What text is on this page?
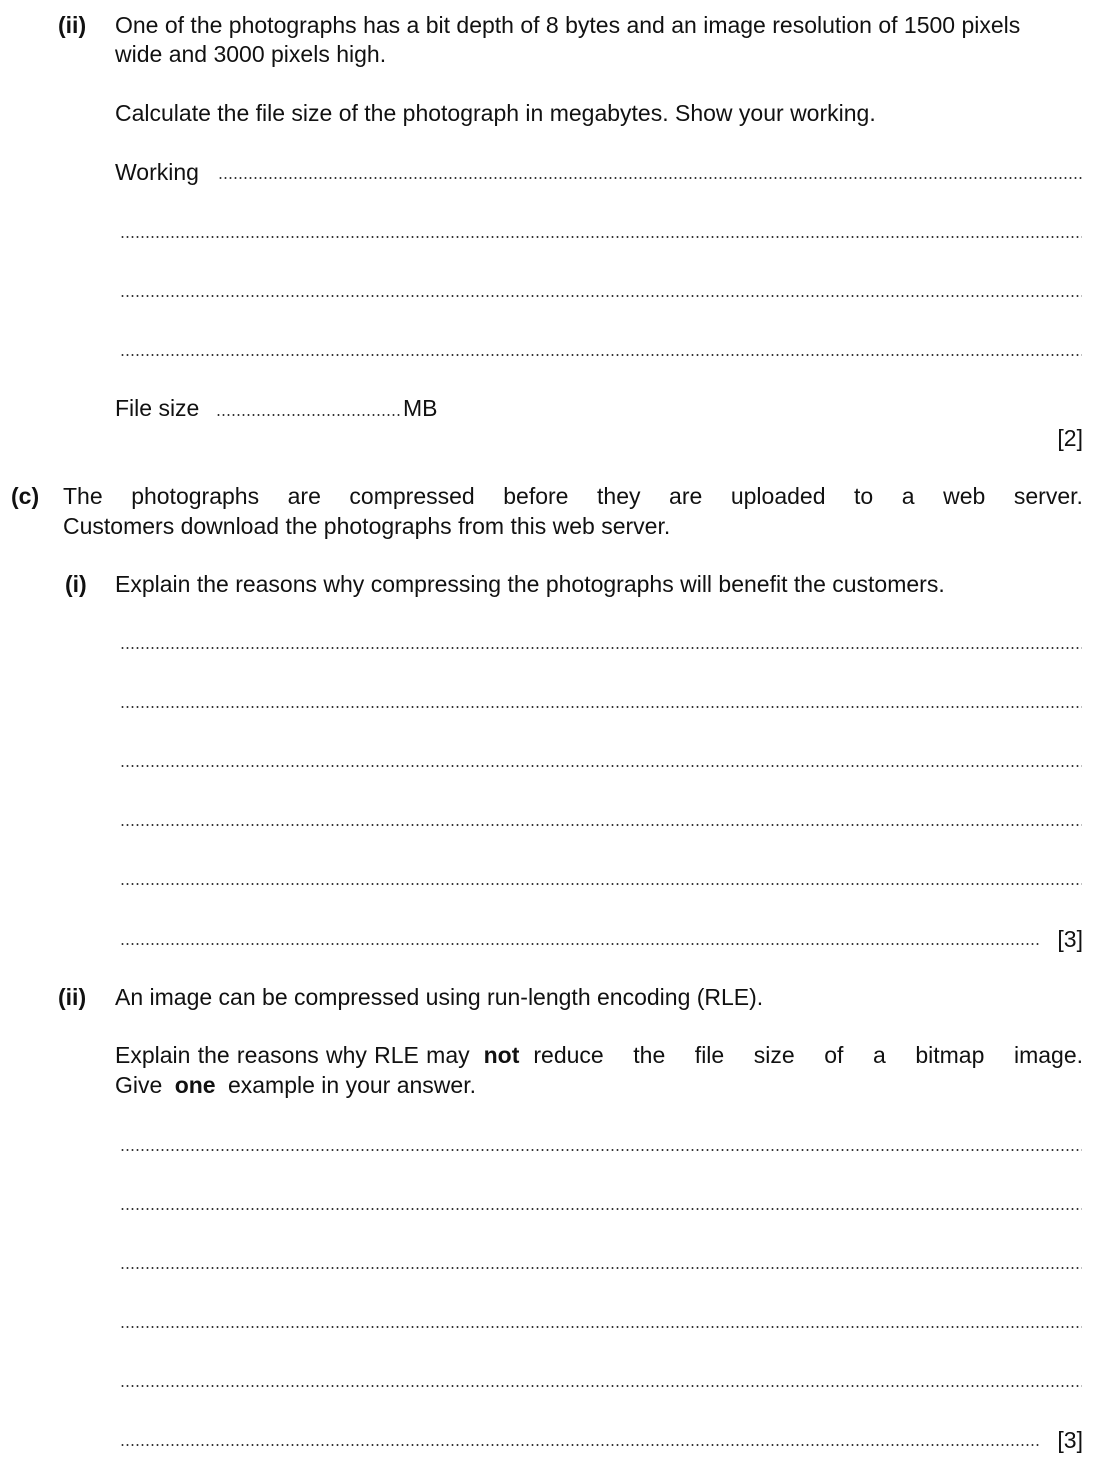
(ii) One of the photographs has a bit depth of 8 bytes and an image resolution of 1500 pixels
wide and 3000 pixels high.
Calculate the file size of the photograph in megabytes. Show your working.
Working
File size	MB
[2]
(c) The photographs are compressed before they are uploaded to a web server.
Customers download the photographs from this web server.
(i) Explain the reasons why compressing the photographs will benefit the customers.
[3]
(ii) An image can be compressed using run-length encoding (RLE).
Explain the reasons why RLE may not reduce the file size of a bitmap image.
Give one example in your answer.
[3]
